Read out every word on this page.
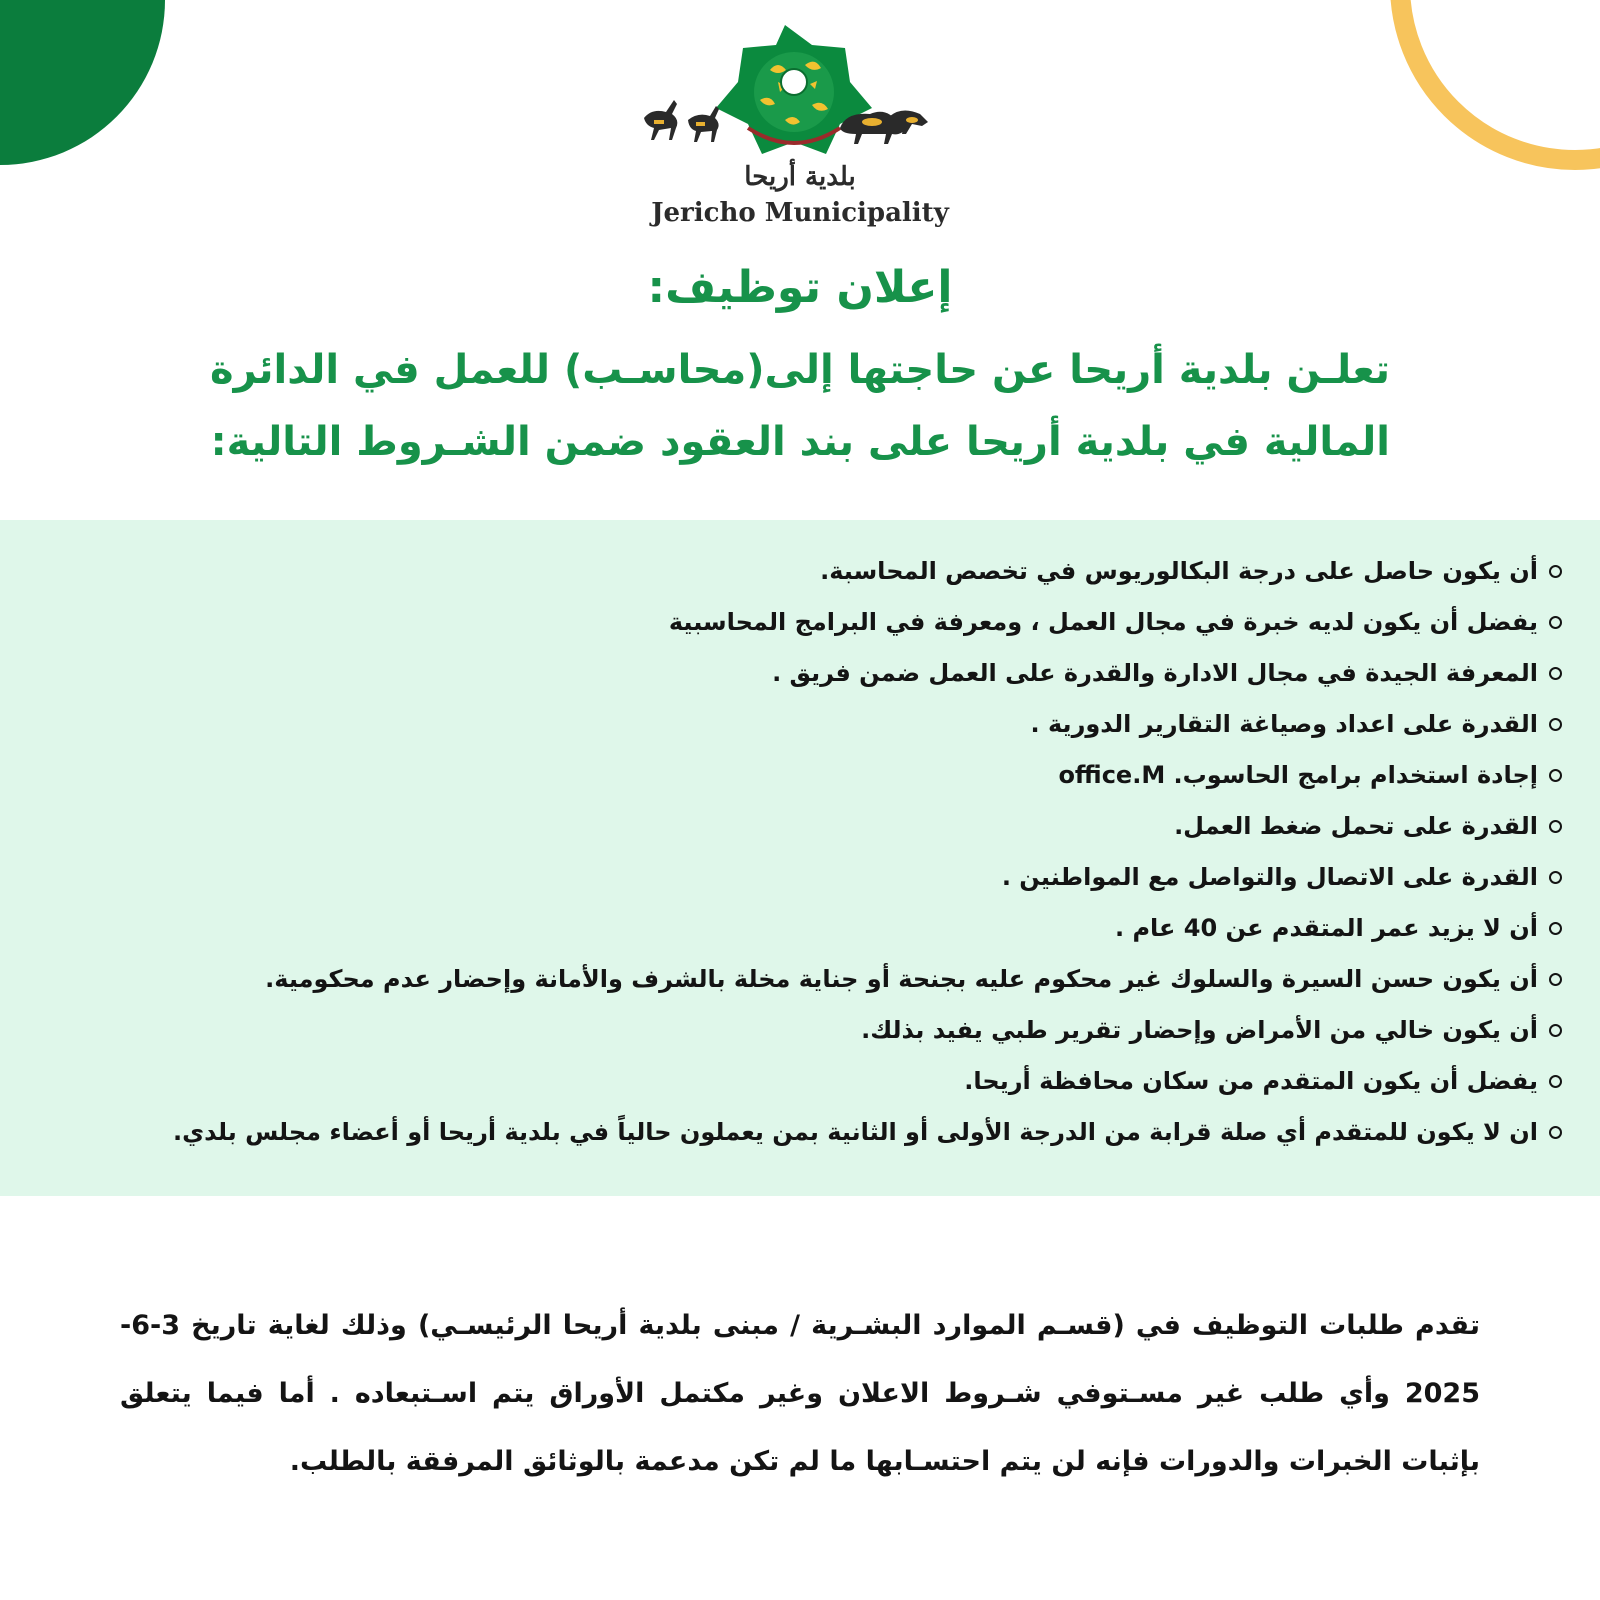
بلدية أريحا
Jericho Municipality
إعلان توظيف:
تعلـن بلدية أريحا عن حاجتها إلى(محاسـب) للعمل في الدائرة
المالية في بلدية أريحا على بند العقود ضمن الشـروط التالية:
أن يكون حاصل على درجة البكالوريوس في تخصص المحاسبة.
يفضل أن يكون لديه خبرة في مجال العمل ، ومعرفة في البرامج المحاسبية
المعرفة الجيدة في مجال الادارة والقدرة على العمل ضمن فريق .
القدرة على اعداد وصياغة التقارير الدورية .
إجادة استخدام برامج الحاسوب. office.M
القدرة على تحمل ضغط العمل.
القدرة على الاتصال والتواصل مع المواطنين .
أن لا يزيد عمر المتقدم عن 40 عام .
أن يكون حسن السيرة والسلوك غير محكوم عليه بجنحة أو جناية مخلة بالشرف والأمانة وإحضار عدم محكومية.
أن يكون خالي من الأمراض وإحضار تقرير طبي يفيد بذلك.
يفضل أن يكون المتقدم من سكان محافظة أريحا.
ان لا يكون للمتقدم أي صلة قرابة من الدرجة الأولى أو الثانية بمن يعملون حالياً في بلدية أريحا أو أعضاء مجلس بلدي.
تقدم طلبات التوظيف في (قسـم الموارد البشـرية / مبنى بلدية أريحا الرئيسـي) وذلك لغاية تاريخ 3-6-2025 وأي طلب غير مسـتوفي شـروط الاعلان وغير مكتمل الأوراق يتم اسـتبعاده . أما فيما يتعلق بإثبات الخبرات والدورات فإنه لن يتم احتسـابها ما لم تكن مدعمة بالوثائق المرفقة بالطلب.
